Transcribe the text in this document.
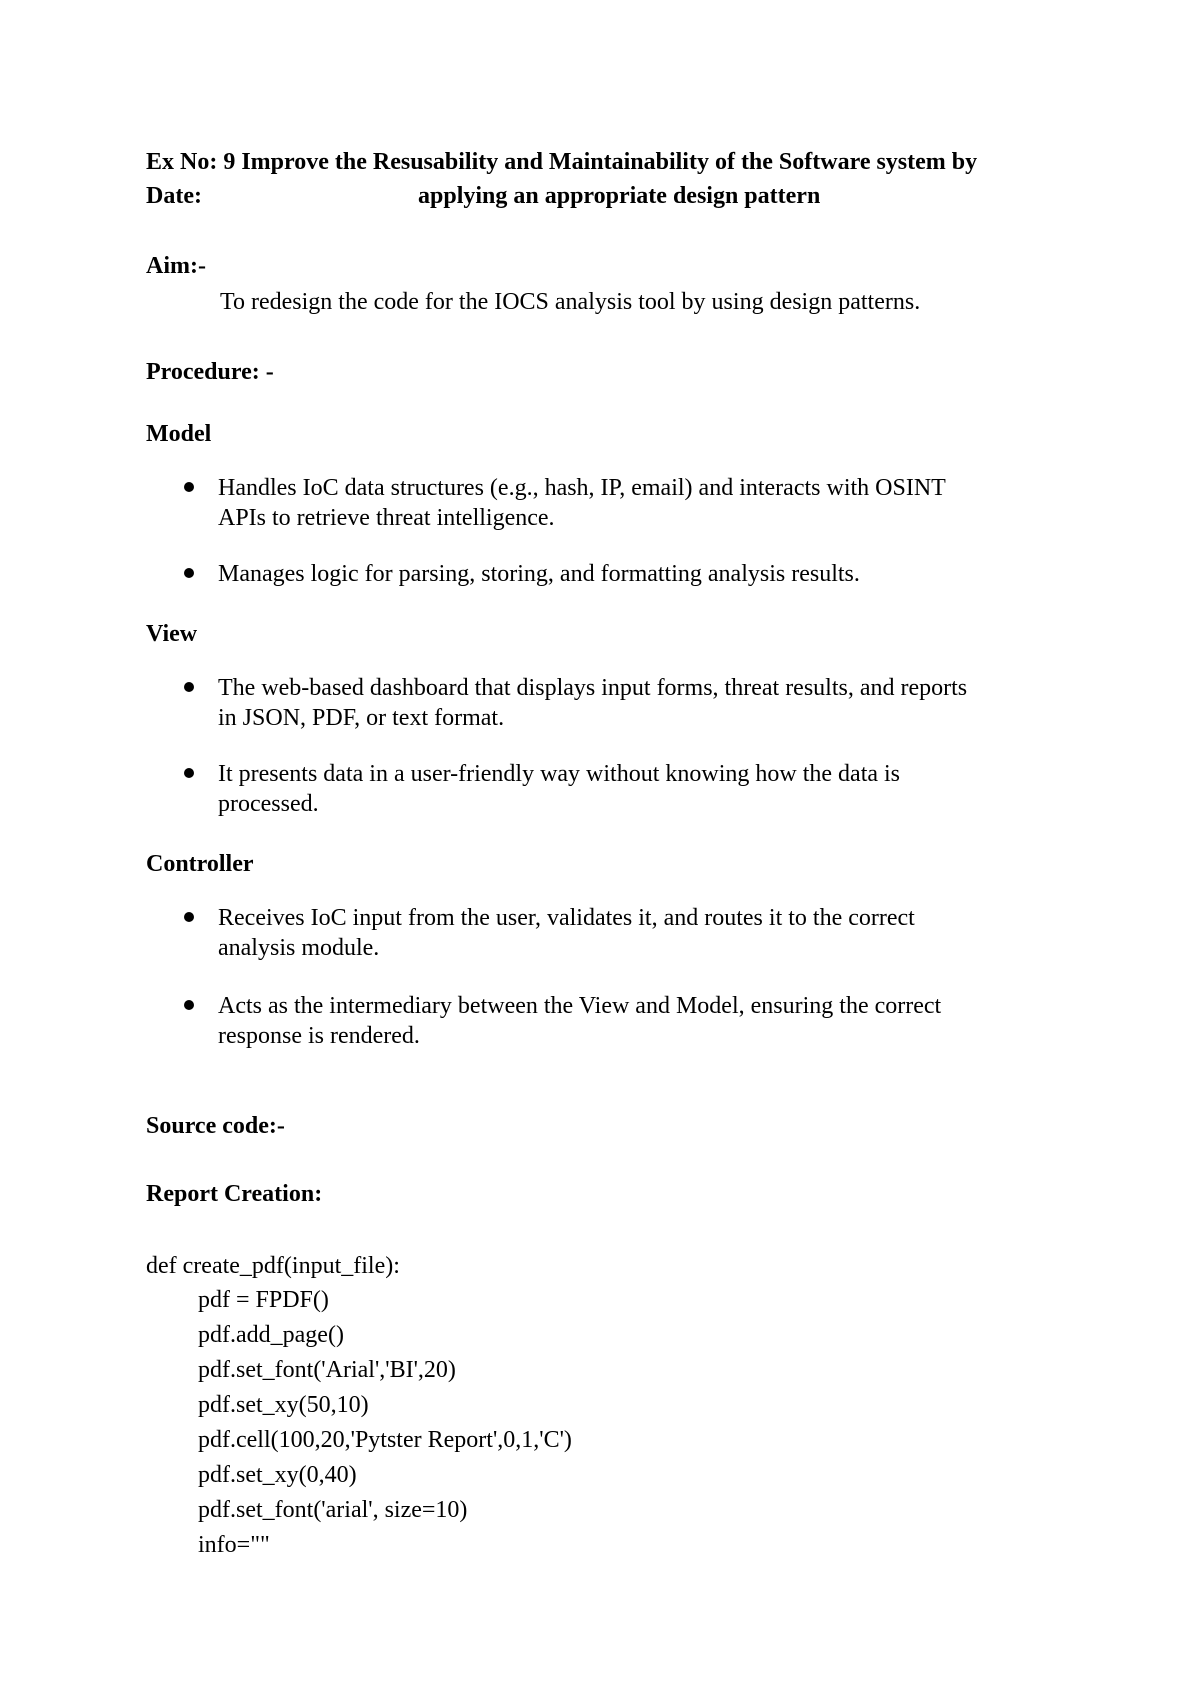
Ex No: 9 Improve the Resusability and Maintainability of the Software system by
Date:	applying an appropriate design pattern
Aim:-
To redesign the code for the IOCS analysis tool by using design patterns.
Procedure: -
Model
Handles IoC data structures (e.g., hash, IP, email) and interacts with OSINT
APIs to retrieve threat intelligence.
Manages logic for parsing, storing, and formatting analysis results.
View
The web-based dashboard that displays input forms, threat results, and reports
in JSON, PDF, or text format.
It presents data in a user-friendly way without knowing how the data is
processed.
Controller
Receives IoC input from the user, validates it, and routes it to the correct
analysis module.
Acts as the intermediary between the View and Model, ensuring the correct
response is rendered.
Source code:-
Report Creation:
def create_pdf(input_file):
pdf = FPDF()
pdf.add_page()
pdf.set_font('Arial','BI',20)
pdf.set_xy(50,10)
pdf.cell(100,20,'Pytster Report',0,1,'C')
pdf.set_xy(0,40)
pdf.set_font('arial', size=10)
info=""
